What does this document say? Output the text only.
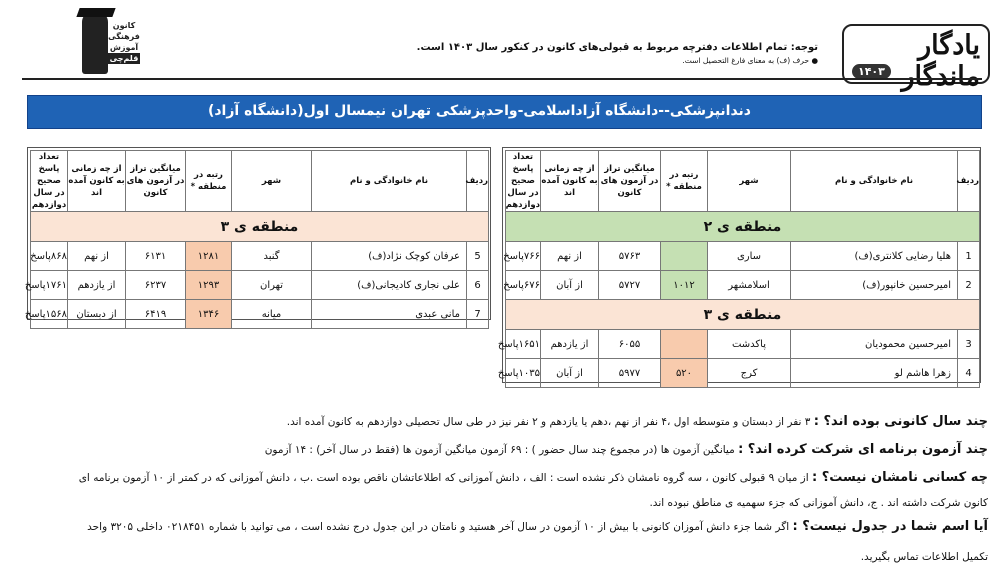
یادگار ماندگار
۱۴۰۳
توجه: تمام اطلاعات دفترچه مربوط به قبولی‌های کانون در کنکور سال ۱۴۰۳ است.
● حرف (ف) به معنای فارغ التحصیل است.
کانون
فرهنگی
آموزش
قلم‌چی
دندانپزشکی--دانشگاه آزاداسلامی-واحدپزشکی تهران نیمسال اول(دانشگاه آزاد)
ردیف	نام خانوادگی و نام	شهر	رتبه در منطقه *	میانگین تراز در آزمون های کانون	از چه زمانی به کانون آمده اند	تعداد پاسخ صحیح در سال دوازدهم
منطقه ی ۲						
1	هلیا رضایی کلانتری(ف)	ساری		۵۷۶۳	از نهم	۷۶۶پاسخ
2	امیرحسین خانپور(ف)	اسلامشهر	۱۰۱۲	۵۷۲۷	از آبان	۶۷۶پاسخ
منطقه ی ۳						
3	امیرحسین محمودیان	پاکدشت		۶۰۵۵	از یازدهم	۱۶۵۱پاسخ
4	زهرا هاشم لو	کرج	۵۲۰	۵۹۷۷	از آبان	۱۰۳۵پاسخ
ردیف	نام خانوادگی و نام	شهر	رتبه در منطقه *	میانگین تراز در آزمون های کانون	از چه زمانی به کانون آمده اند	تعداد پاسخ صحیح در سال دوازدهم
منطقه ی ۳						
5	عرفان کوچک نژاد(ف)	گنبد	۱۲۸۱	۶۱۳۱	از نهم	۸۶۸پاسخ
6	علی نجاری کادیجانی(ف)	تهران	۱۲۹۳	۶۲۳۷	از یازدهم	۱۷۶۱پاسخ
7	مانی عبدی	میانه	۱۳۴۶	۶۴۱۹	از دبستان	۱۵۶۸پاسخ
چند سال کانونی بوده اند؟ : ۳ نفر از دبستان و متوسطه اول ،۴ نفر از نهم ،دهم یا یازدهم و ۲ نفر نیز در طی سال تحصیلی دوازدهم به کانون آمده اند.
چند آزمون برنامه ای شرکت کرده اند؟ : میانگین آزمون ها (در مجموع چند سال حضور ) : ۶۹ آزمون میانگین آزمون ها (فقط در سال آخر) : ۱۴ آزمون
چه کسانی نامشان نیست؟ : از میان ۹ قبولی کانون ، سه گروه نامشان ذکر نشده است : الف ، دانش آموزانی که اطلاعاتشان ناقص بوده است .ب ، دانش آموزانی که در کمتر از ۱۰ آزمون برنامه ای
کانون شرکت داشته اند . ج، دانش آموزانی که جزء سهمیه ی مناطق نبوده اند.
آیا اسم شما در جدول نیست؟ : اگر شما جزء دانش آموزان کانونی با بیش از ۱۰ آزمون در سال آخر هستید و نامتان در این جدول درج نشده است ، می توانید با شماره ۰۲۱۸۴۵۱ داخلی ۳۲۰۵ واحد
تکمیل اطلاعات تماس بگیرید.
